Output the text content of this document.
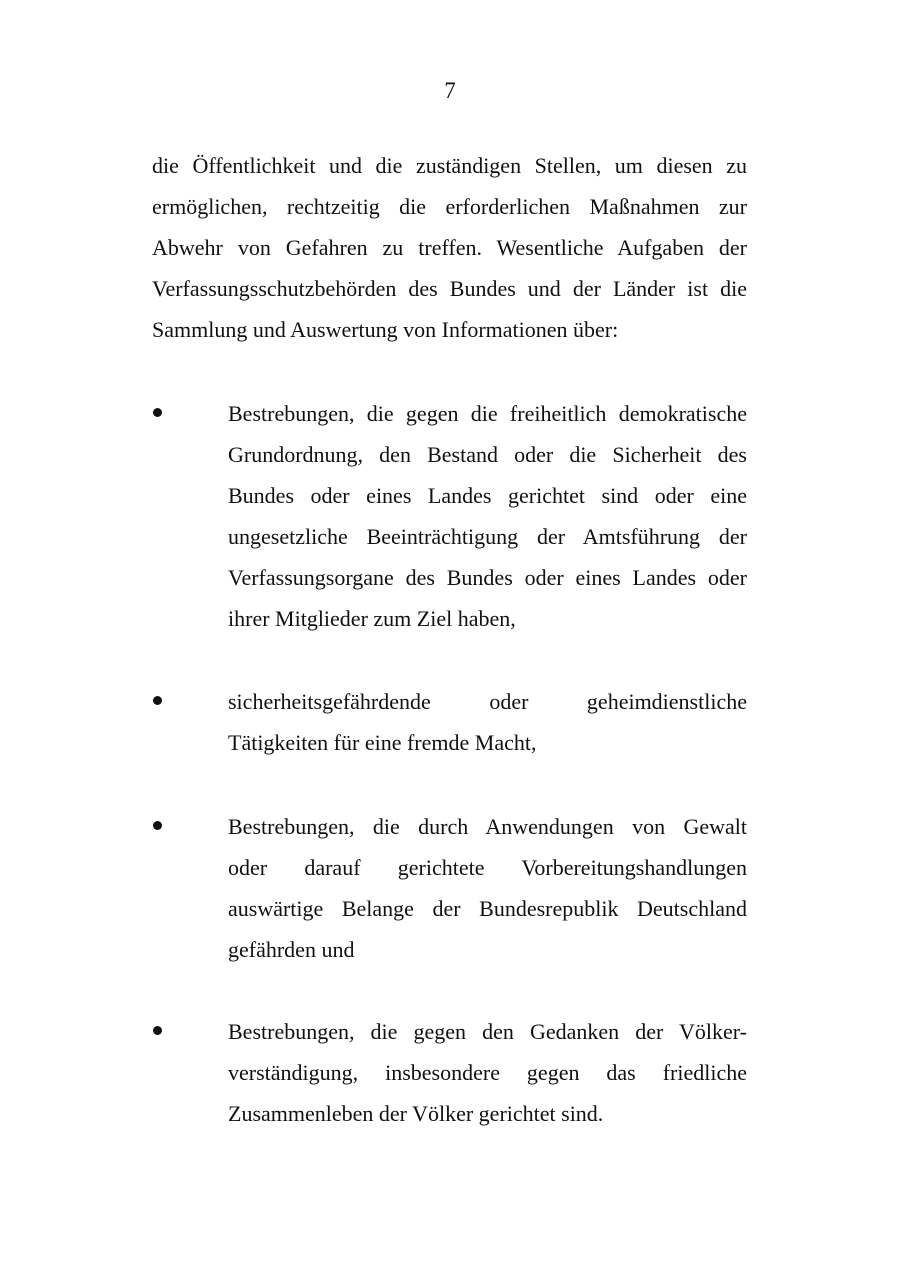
7
die Öffentlichkeit und die zuständigen Stellen, um diesen zu
ermöglichen, rechtzeitig die erforderlichen Maßnahmen zur
Abwehr von Gefahren zu treffen. Wesentliche Aufgaben der
Verfassungsschutzbehörden des Bundes und der Länder ist die
Sammlung und Auswertung von Informationen über:
Bestrebungen, die gegen die freiheitlich demokratische
Grundordnung, den Bestand oder die Sicherheit des
Bundes oder eines Landes gerichtet sind oder eine
ungesetzliche Beeinträchtigung der Amtsführung der
Verfassungsorgane des Bundes oder eines Landes oder
ihrer Mitglieder zum Ziel haben,
sicherheitsgefährdende oder geheimdienstliche
Tätigkeiten für eine fremde Macht,
Bestrebungen, die durch Anwendungen von Gewalt
oder darauf gerichtete Vorbereitungshandlungen
auswärtige Belange der Bundesrepublik Deutschland
gefährden und
Bestrebungen, die gegen den Gedanken der Völker-
verständigung, insbesondere gegen das friedliche
Zusammenleben der Völker gerichtet sind.
